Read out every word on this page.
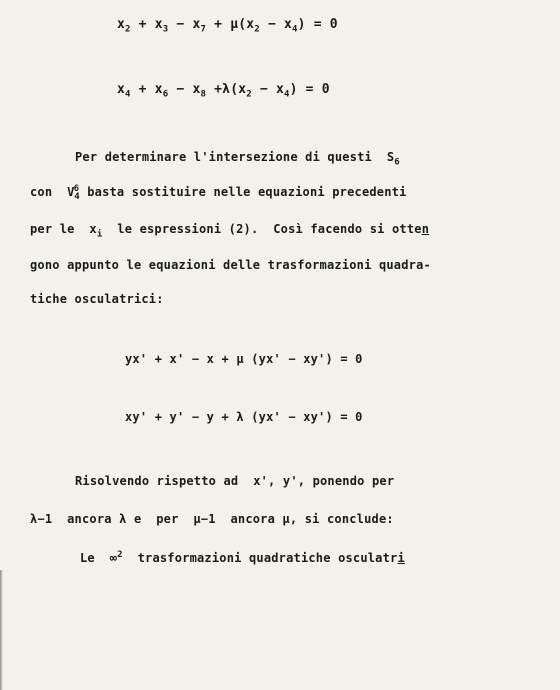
$x_2 + x_3 - x_7 + \mu(x_2 - x_4) = 0$
$x_4 + x_6 - x_8 +\lambda(x_2 - x_4) = 0$
Per determinare l'intersezione di questi  $S_6$
con  $V^6_4$ basta sostituire nelle equazioni precedenti
per le  $x_i$  le espressioni (2).  Così facendo si otten
gono appunto le equazioni delle trasformazioni quadra-
tiche osculatrici:
yx' + x' − x + μ (yx' − xy') = 0
xy' + y' − y + λ (yx' − xy') = 0
Risolvendo rispetto ad  x', y', ponendo per
λ−1  ancora λ e  per  μ−1  ancora μ, si conclude:
Le  ∞$^2$  trasformazioni quadratiche osculatri
